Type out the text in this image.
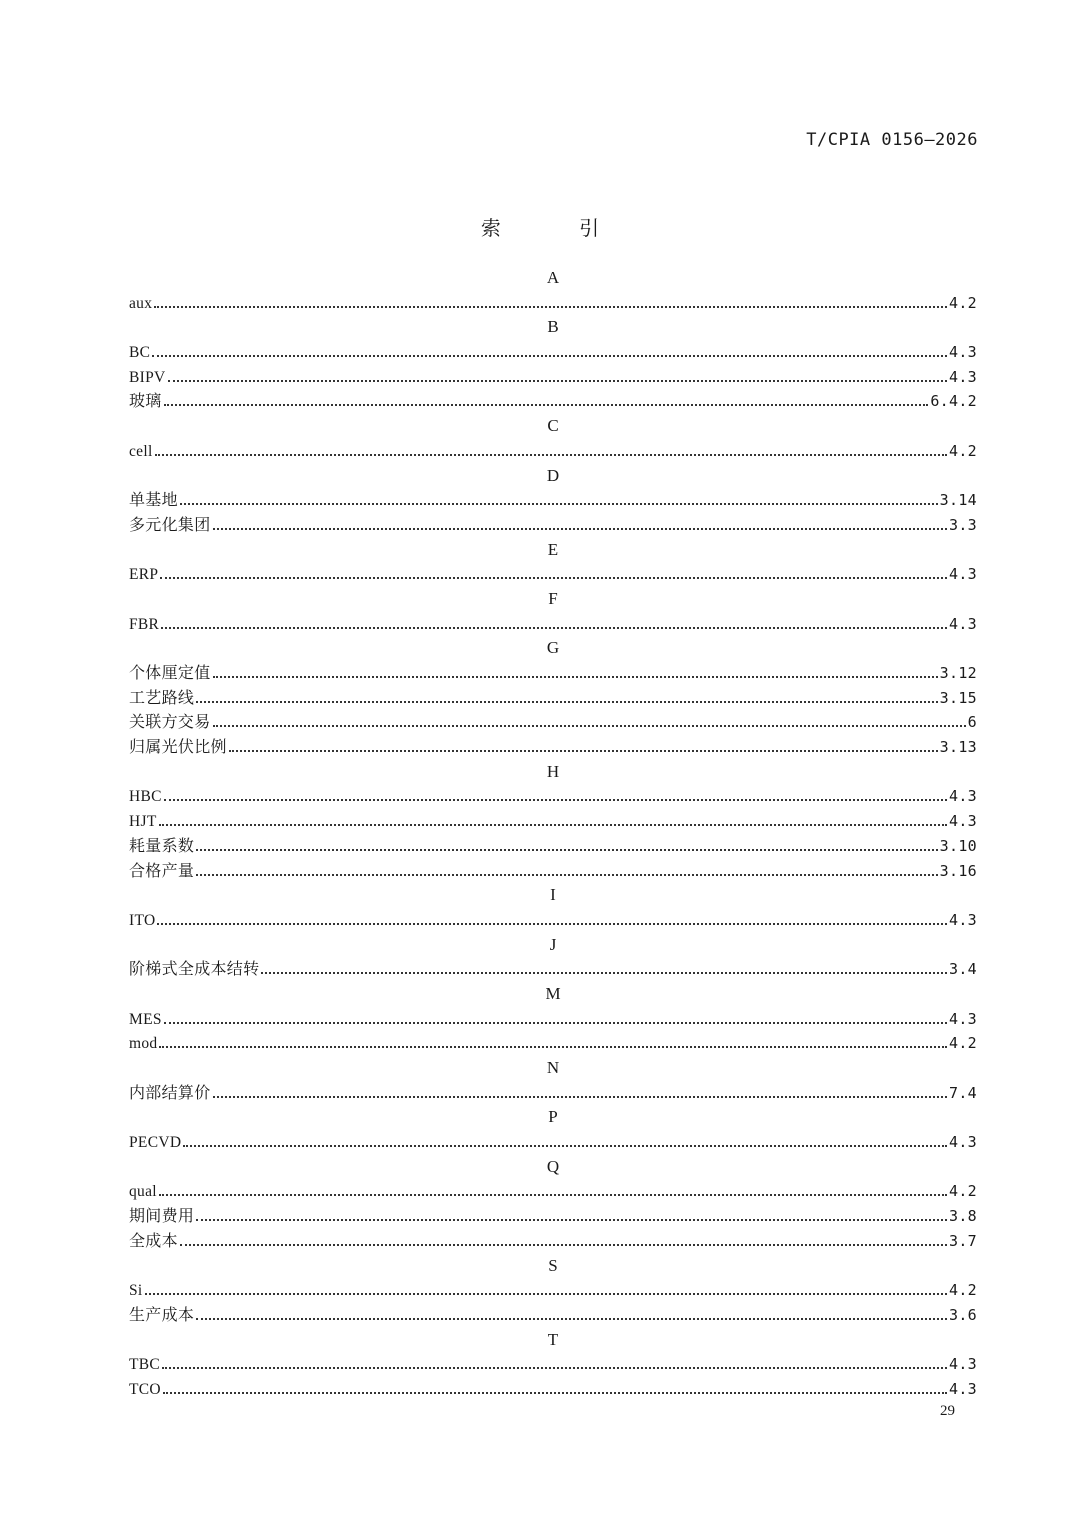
T/CPIA 0156—2026
索 引
A
aux	4.2
B
BC	4.3
BIPV	4.3
玻璃	6.4.2
C
cell	4.2
D
单基地	3.14
多元化集团	3.3
E
ERP	4.3
F
FBR	4.3
G
个体厘定值	3.12
工艺路线	3.15
关联方交易	6
归属光伏比例	3.13
H
HBC	4.3
HJT	4.3
耗量系数	3.10
合格产量	3.16
I
ITO	4.3
J
阶梯式全成本结转	3.4
M
MES	4.3
mod	4.2
N
内部结算价	7.4
P
PECVD	4.3
Q
qual	4.2
期间费用	3.8
全成本	3.7
S
Si	4.2
生产成本	3.6
T
TBC	4.3
TCO	4.3
29
